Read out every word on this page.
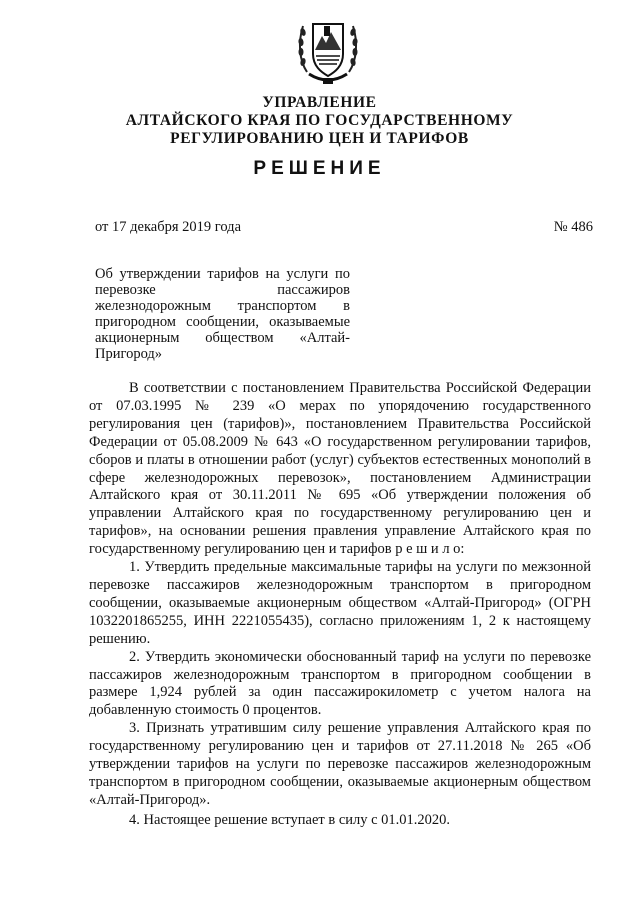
УПРАВЛЕНИЕ
АЛТАЙСКОГО КРАЯ ПО ГОСУДАРСТВЕННОМУ
РЕГУЛИРОВАНИЮ ЦЕН И ТАРИФОВ
РЕШЕНИЕ
от 17 декабря 2019 года	№ 486
Об утверждении тарифов на услуги по перевозке пассажиров железнодорожным транспортом в пригородном сообщении, оказываемые акционерным обществом «Алтай-Пригород»

В соответствии с постановлением Правительства Российской Федерации от 07.03.1995 № 239 «О мерах по упорядочению государственного регулирования цен (тарифов)», постановлением Правительства Российской Федерации от 05.08.2009 № 643 «О государственном регулировании тарифов, сборов и платы в отношении работ (услуг) субъектов естественных монополий в сфере железнодорожных перевозок», постановлением Администрации Алтайского края от 30.11.2011 № 695 «Об утверждении положения об управлении Алтайского края по государственному регулированию цен и тарифов», на основании решения правления управление Алтайского края по государственному регулированию цен и тарифов р е ш и л о:

1. Утвердить предельные максимальные тарифы на услуги по межзонной перевозке пассажиров железнодорожным транспортом в пригородном сообщении, оказываемые акционерным обществом «Алтай-Пригород» (ОГРН 1032201865255, ИНН 2221055435), согласно приложениям 1, 2 к настоящему решению.

2. Утвердить экономически обоснованный тариф на услуги по перевозке пассажиров железнодорожным транспортом в пригородном сообщении в размере 1,924 рублей за один пассажирокилометр с учетом налога на добавленную стоимость 0 процентов.

3. Признать утратившим силу решение управления Алтайского края по государственному регулированию цен и тарифов от 27.11.2018 № 265 «Об утверждении тарифов на услуги по перевозке пассажиров железнодорожным транспортом в пригородном сообщении, оказываемые акционерным обществом «Алтай-Пригород».

4. Настоящее решение вступает в силу с 01.01.2020.
